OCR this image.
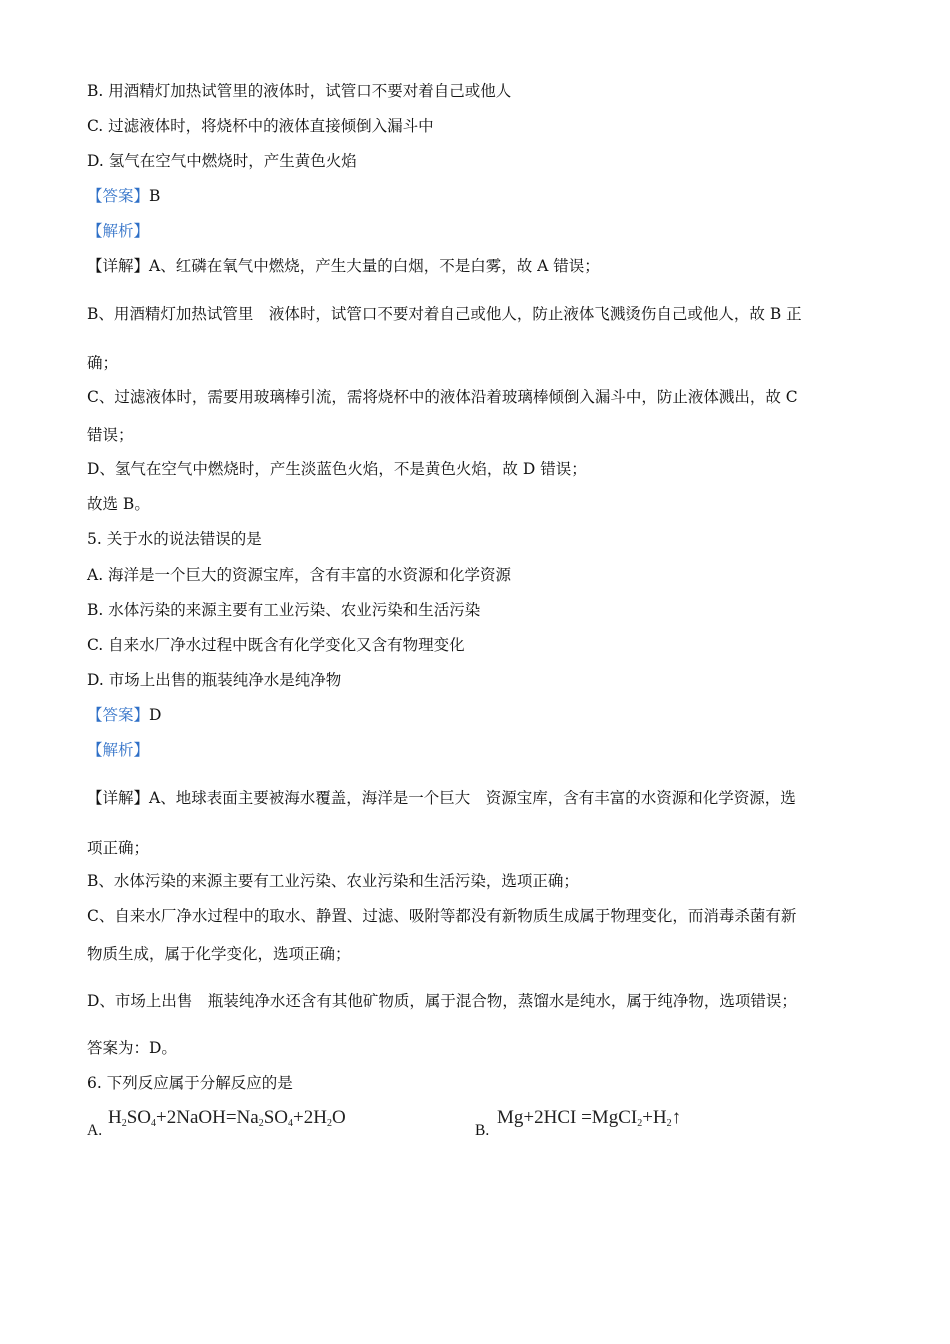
B. 用酒精灯加热试管里的液体时，试管口不要对着自己或他人

C. 过滤液体时，将烧杯中的液体直接倾倒入漏斗中

D. 氢气在空气中燃烧时，产生黄色火焰

【答案】B

【解析】

【详解】A、红磷在氧气中燃烧，产生大量的白烟，不是白雾，故 A 错误；

B、用酒精灯加热试管里　液体时，试管口不要对着自己或他人，防止液体飞溅烫伤自己或他人，故 B 正

确；

C、过滤液体时，需要用玻璃棒引流，需将烧杯中的液体沿着玻璃棒倾倒入漏斗中，防止液体溅出，故 C

错误；

D、氢气在空气中燃烧时，产生淡蓝色火焰，不是黄色火焰，故 D 错误；

故选 B。

5. 关于水的说法错误的是

A. 海洋是一个巨大的资源宝库，含有丰富的水资源和化学资源

B. 水体污染的来源主要有工业污染、农业污染和生活污染

C. 自来水厂净水过程中既含有化学变化又含有物理变化

D. 市场上出售的瓶装纯净水是纯净物

【答案】D

【解析】

【详解】A、地球表面主要被海水覆盖，海洋是一个巨大　资源宝库，含有丰富的水资源和化学资源，选

项正确；

B、水体污染的来源主要有工业污染、农业污染和生活污染，选项正确；

C、自来水厂净水过程中的取水、静置、过滤、吸附等都没有新物质生成属于物理变化，而消毒杀菌有新

物质生成，属于化学变化，选项正确；

D、市场上出售　瓶装纯净水还含有其他矿物质，属于混合物，蒸馏水是纯水，属于纯净物，选项错误；

答案为：D。

6. 下列反应属于分解反应的是

A.
$H_2SO_4+2NaOH=Na_2SO_4+2H_2O$
B.
$Mg+2HCI =MgCI_2+H_2↑$
